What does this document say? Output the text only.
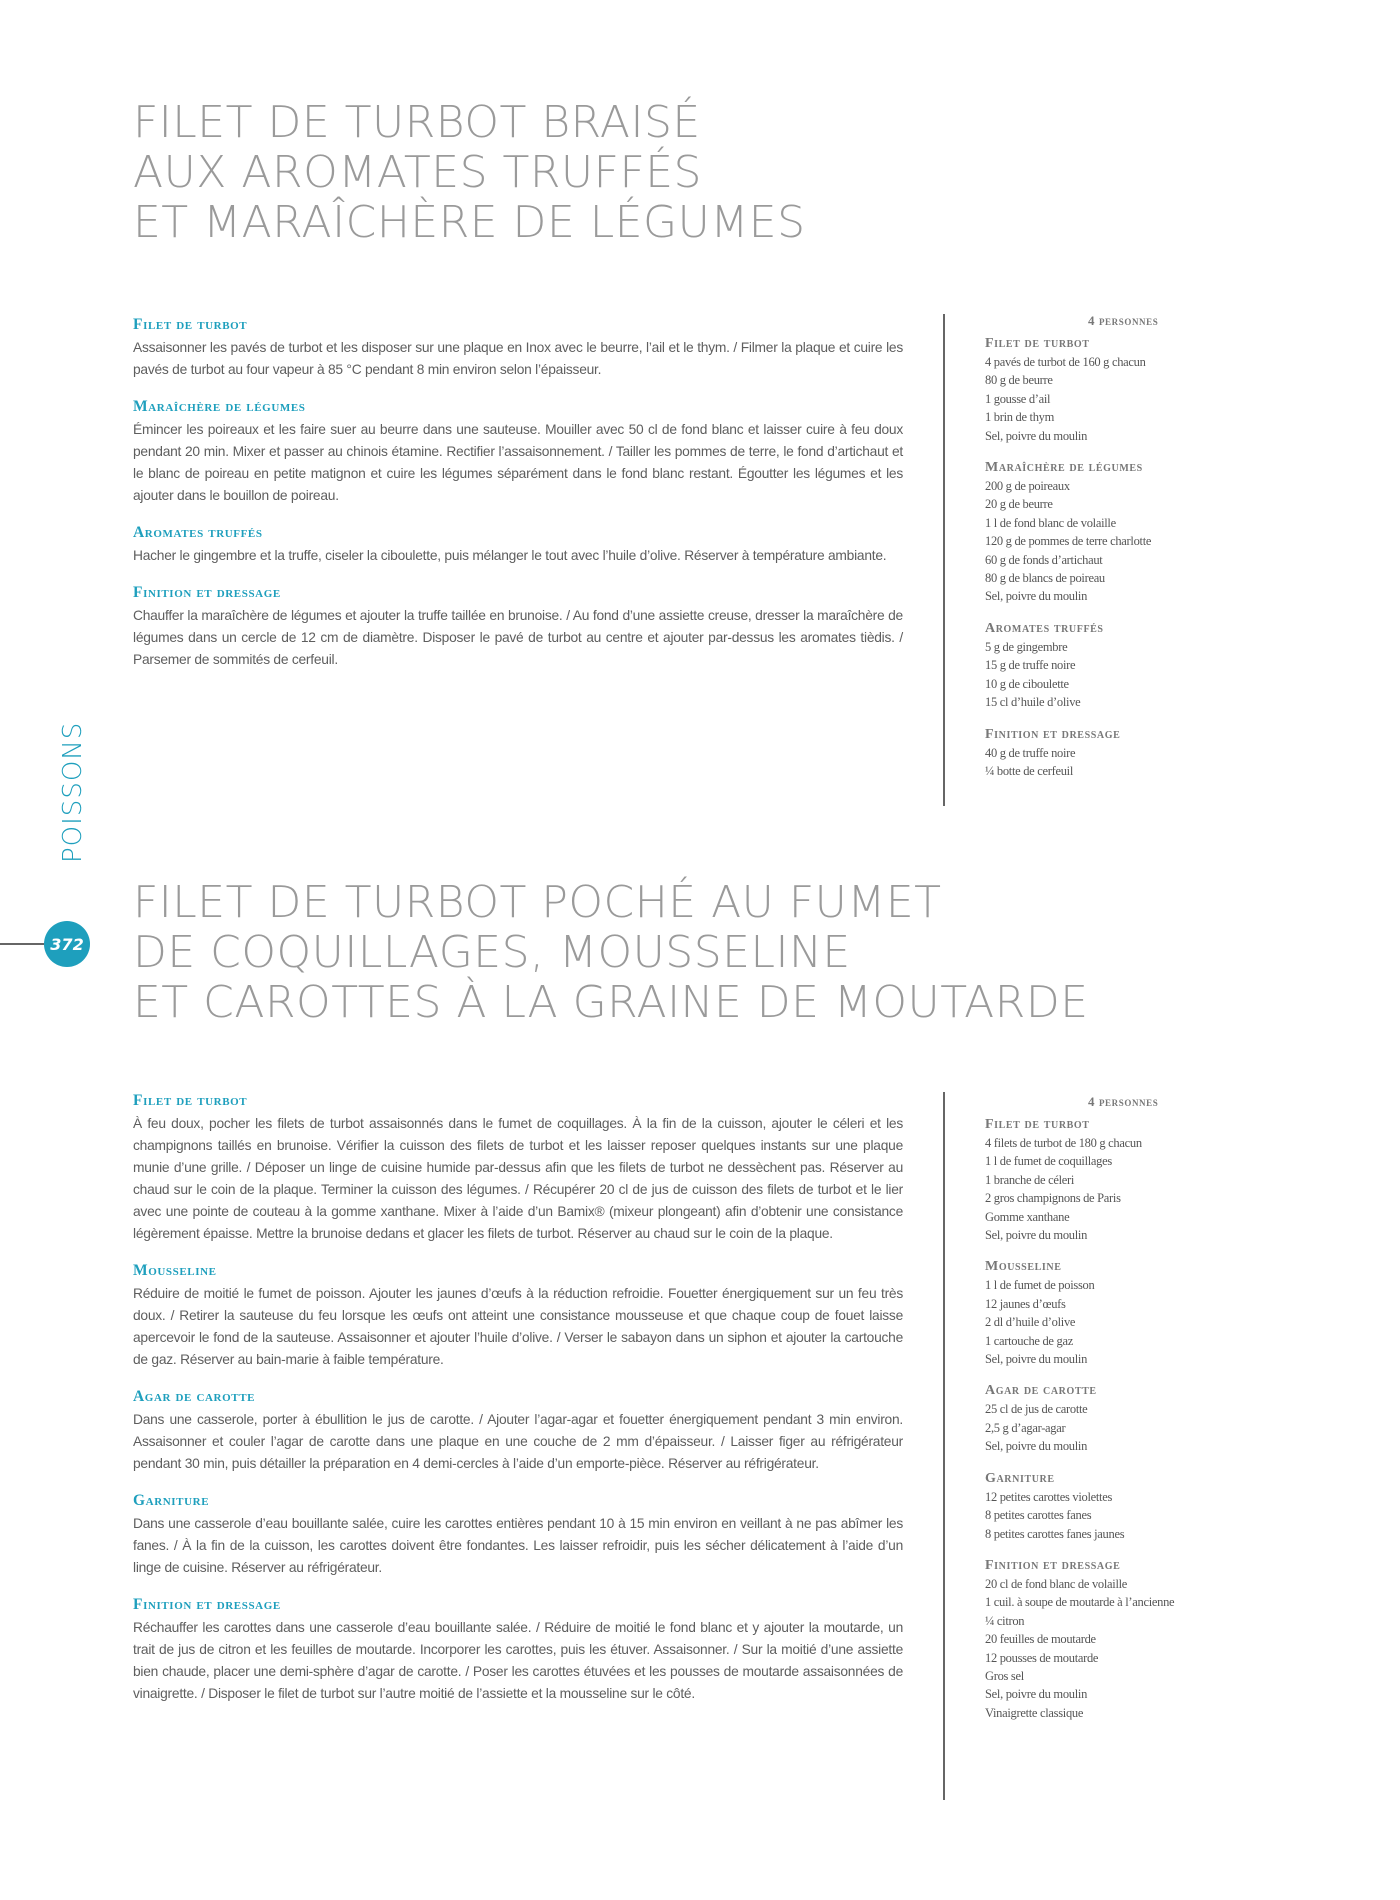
FILET DE TURBOT BRAISÉ
AUX AROMATES TRUFFÉS
ET MARAÎCHÈRE DE LÉGUMES
Filet de turbot
Assaisonner les pavés de turbot et les disposer sur une plaque en Inox avec le beurre, l’ail et le thym. / Filmer la plaque et cuire les pavés de turbot au four vapeur à 85 °C pendant 8 min environ selon l’épaisseur.
Maraîchère de légumes
Émincer les poireaux et les faire suer au beurre dans une sauteuse. Mouiller avec 50 cl de fond blanc et laisser cuire à feu doux pendant 20 min. Mixer et passer au chinois étamine. Rectifier l’assaisonnement. / Tailler les pommes de terre, le fond d’artichaut et le blanc de poireau en petite matignon et cuire les légumes séparément dans le fond blanc restant. Égoutter les légumes et les ajouter dans le bouillon de poireau.
Aromates truffés
Hacher le gingembre et la truffe, ciseler la ciboulette, puis mélanger le tout avec l’huile d’olive. Réserver à température ambiante.
Finition et dressage
Chauffer la maraîchère de légumes et ajouter la truffe taillée en brunoise. / Au fond d’une assiette creuse, dresser la maraîchère de légumes dans un cercle de 12 cm de diamètre. Disposer le pavé de turbot au centre et ajouter par-dessus les aromates tièdis. / Parsemer de sommités de cerfeuil.
4 personnes
Filet de turbot
4 pavés de turbot de 160 g chacun
80 g de beurre
1 gousse d’ail
1 brin de thym
Sel, poivre du moulin
Maraîchère de légumes
200 g de poireaux
20 g de beurre
1 l de fond blanc de volaille
120 g de pommes de terre charlotte
60 g de fonds d’artichaut
80 g de blancs de poireau
Sel, poivre du moulin
Aromates truffés
5 g de gingembre
15 g de truffe noire
10 g de ciboulette
15 cl d’huile d’olive
Finition et dressage
40 g de truffe noire
¼ botte de cerfeuil
POISSONS
372
FILET DE TURBOT POCHÉ AU FUMET
DE COQUILLAGES, MOUSSELINE
ET CAROTTES À LA GRAINE DE MOUTARDE
Filet de turbot
À feu doux, pocher les filets de turbot assaisonnés dans le fumet de coquillages. À la fin de la cuisson, ajouter le céleri et les champignons taillés en brunoise. Vérifier la cuisson des filets de turbot et les laisser reposer quelques instants sur une plaque munie d’une grille. / Déposer un linge de cuisine humide par-dessus afin que les filets de turbot ne dessèchent pas. Réserver au chaud sur le coin de la plaque. Terminer la cuisson des légumes. / Récupérer 20 cl de jus de cuisson des filets de turbot et le lier avec une pointe de couteau à la gomme xanthane. Mixer à l’aide d’un Bamix® (mixeur plongeant) afin d’obtenir une consistance légèrement épaisse. Mettre la brunoise dedans et glacer les filets de turbot. Réserver au chaud sur le coin de la plaque.
Mousseline
Réduire de moitié le fumet de poisson. Ajouter les jaunes d’œufs à la réduction refroidie. Fouetter énergiquement sur un feu très doux. / Retirer la sauteuse du feu lorsque les œufs ont atteint une consistance mousseuse et que chaque coup de fouet laisse apercevoir le fond de la sauteuse. Assaisonner et ajouter l’huile d’olive. / Verser le sabayon dans un siphon et ajouter la cartouche de gaz. Réserver au bain-marie à faible température.
Agar de carotte
Dans une casserole, porter à ébullition le jus de carotte. / Ajouter l’agar-agar et fouetter énergiquement pendant 3 min environ. Assaisonner et couler l’agar de carotte dans une plaque en une couche de 2 mm d’épaisseur. / Laisser figer au réfrigérateur pendant 30 min, puis détailler la préparation en 4 demi-cercles à l’aide d’un emporte-pièce. Réserver au réfrigérateur.
Garniture
Dans une casserole d’eau bouillante salée, cuire les carottes entières pendant 10 à 15 min environ en veillant à ne pas abîmer les fanes. / À la fin de la cuisson, les carottes doivent être fondantes. Les laisser refroidir, puis les sécher délicatement à l’aide d’un linge de cuisine. Réserver au réfrigérateur.
Finition et dressage
Réchauffer les carottes dans une casserole d’eau bouillante salée. / Réduire de moitié le fond blanc et y ajouter la moutarde, un trait de jus de citron et les feuilles de moutarde. Incorporer les carottes, puis les étuver. Assaisonner. / Sur la moitié d’une assiette bien chaude, placer une demi-sphère d’agar de carotte. / Poser les carottes étuvées et les pousses de moutarde assaisonnées de vinaigrette. / Disposer le filet de turbot sur l’autre moitié de l’assiette et la mousseline sur le côté.
4 personnes
Filet de turbot
4 filets de turbot de 180 g chacun
1 l de fumet de coquillages
1 branche de céleri
2 gros champignons de Paris
Gomme xanthane
Sel, poivre du moulin
Mousseline
1 l de fumet de poisson
12 jaunes d’œufs
2 dl d’huile d’olive
1 cartouche de gaz
Sel, poivre du moulin
Agar de carotte
25 cl de jus de carotte
2,5 g d’agar-agar
Sel, poivre du moulin
Garniture
12 petites carottes violettes
8 petites carottes fanes
8 petites carottes fanes jaunes
Finition et dressage
20 cl de fond blanc de volaille
1 cuil. à soupe de moutarde à l’ancienne
¼ citron
20 feuilles de moutarde
12 pousses de moutarde
Gros sel
Sel, poivre du moulin
Vinaigrette classique
